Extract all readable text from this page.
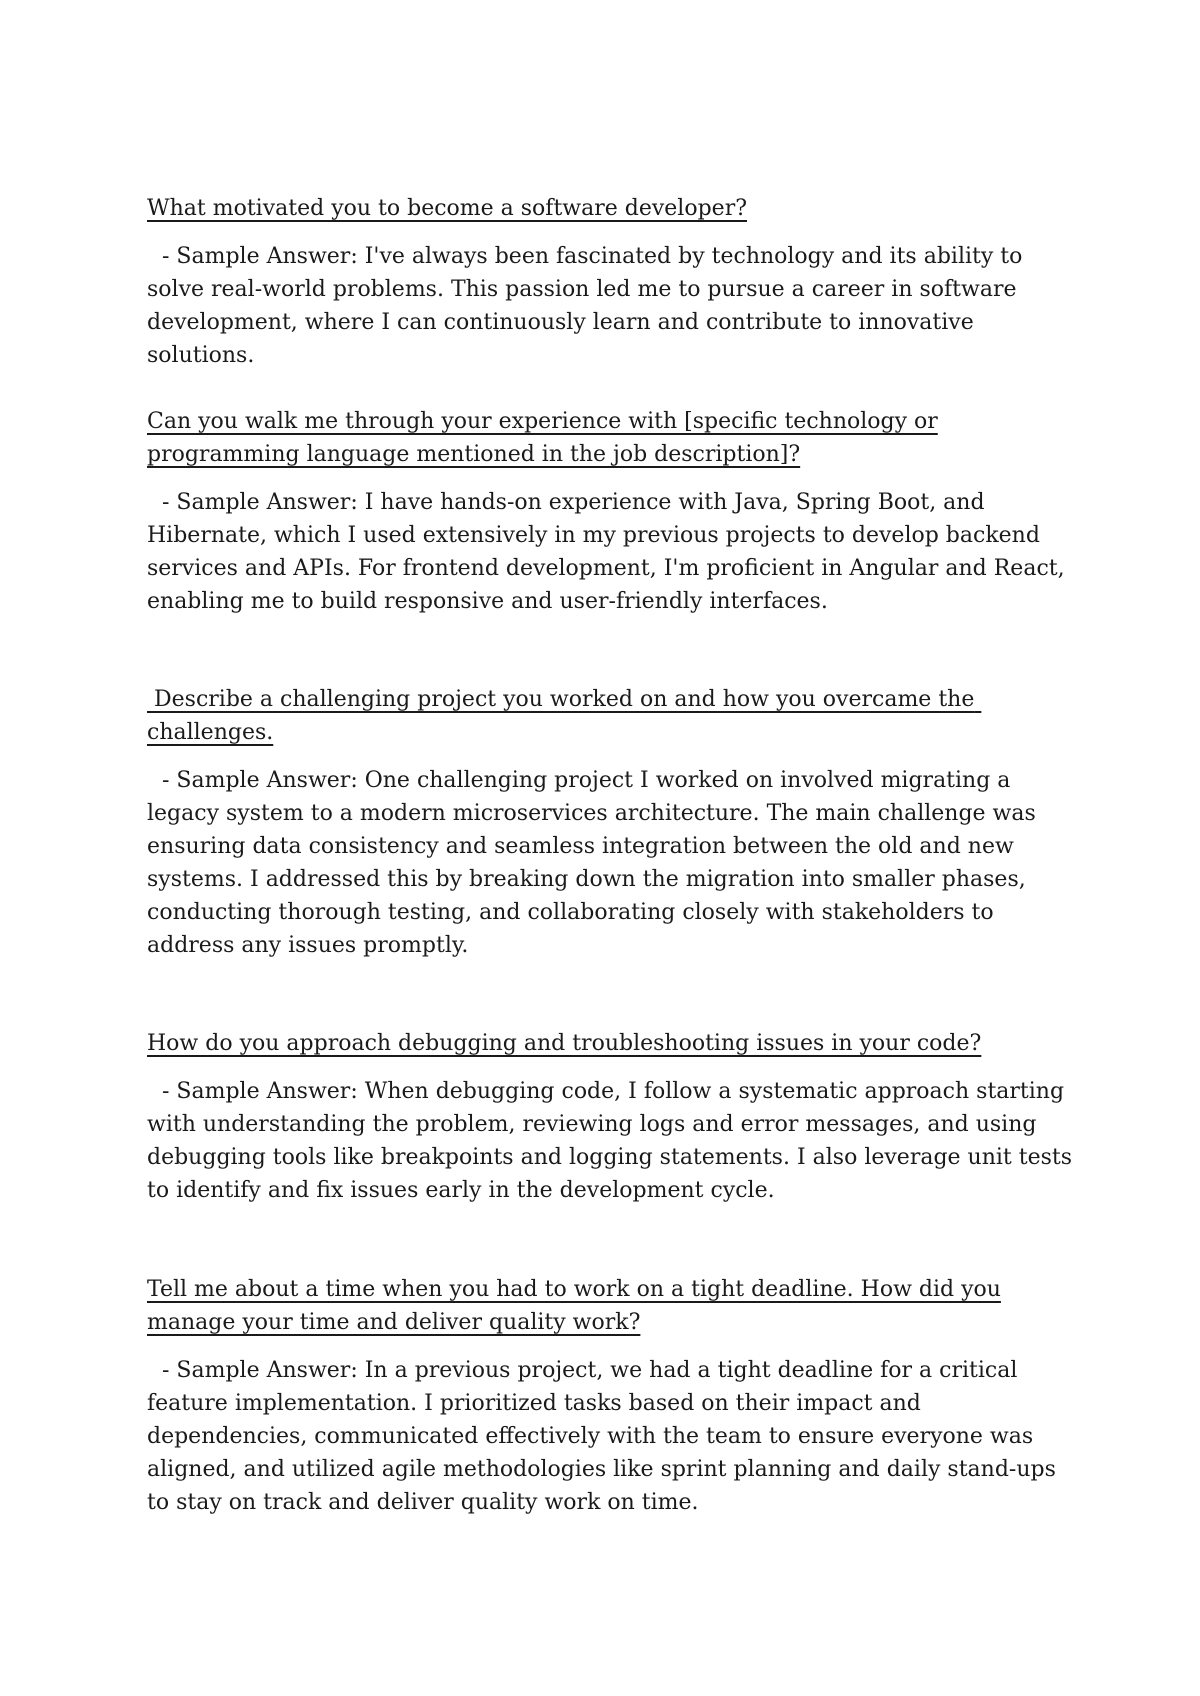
What motivated you to become a software developer?

- Sample Answer: I've always been fascinated by technology and its ability to solve real-world problems. This passion led me to pursue a career in software development, where I can continuously learn and contribute to innovative solutions.

Can you walk me through your experience with [specific technology or programming language mentioned in the job description]?

- Sample Answer: I have hands-on experience with Java, Spring Boot, and Hibernate, which I used extensively in my previous projects to develop backend services and APIs. For frontend development, I'm proficient in Angular and React, enabling me to build responsive and user-friendly interfaces.

Describe a challenging project you worked on and how you overcame the challenges.

- Sample Answer: One challenging project I worked on involved migrating a legacy system to a modern microservices architecture. The main challenge was ensuring data consistency and seamless integration between the old and new systems. I addressed this by breaking down the migration into smaller phases, conducting thorough testing, and collaborating closely with stakeholders to address any issues promptly.

How do you approach debugging and troubleshooting issues in your code?

- Sample Answer: When debugging code, I follow a systematic approach starting with understanding the problem, reviewing logs and error messages, and using debugging tools like breakpoints and logging statements. I also leverage unit tests to identify and fix issues early in the development cycle.

Tell me about a time when you had to work on a tight deadline. How did you manage your time and deliver quality work?

- Sample Answer: In a previous project, we had a tight deadline for a critical feature implementation. I prioritized tasks based on their impact and dependencies, communicated effectively with the team to ensure everyone was aligned, and utilized agile methodologies like sprint planning and daily stand-ups to stay on track and deliver quality work on time.
